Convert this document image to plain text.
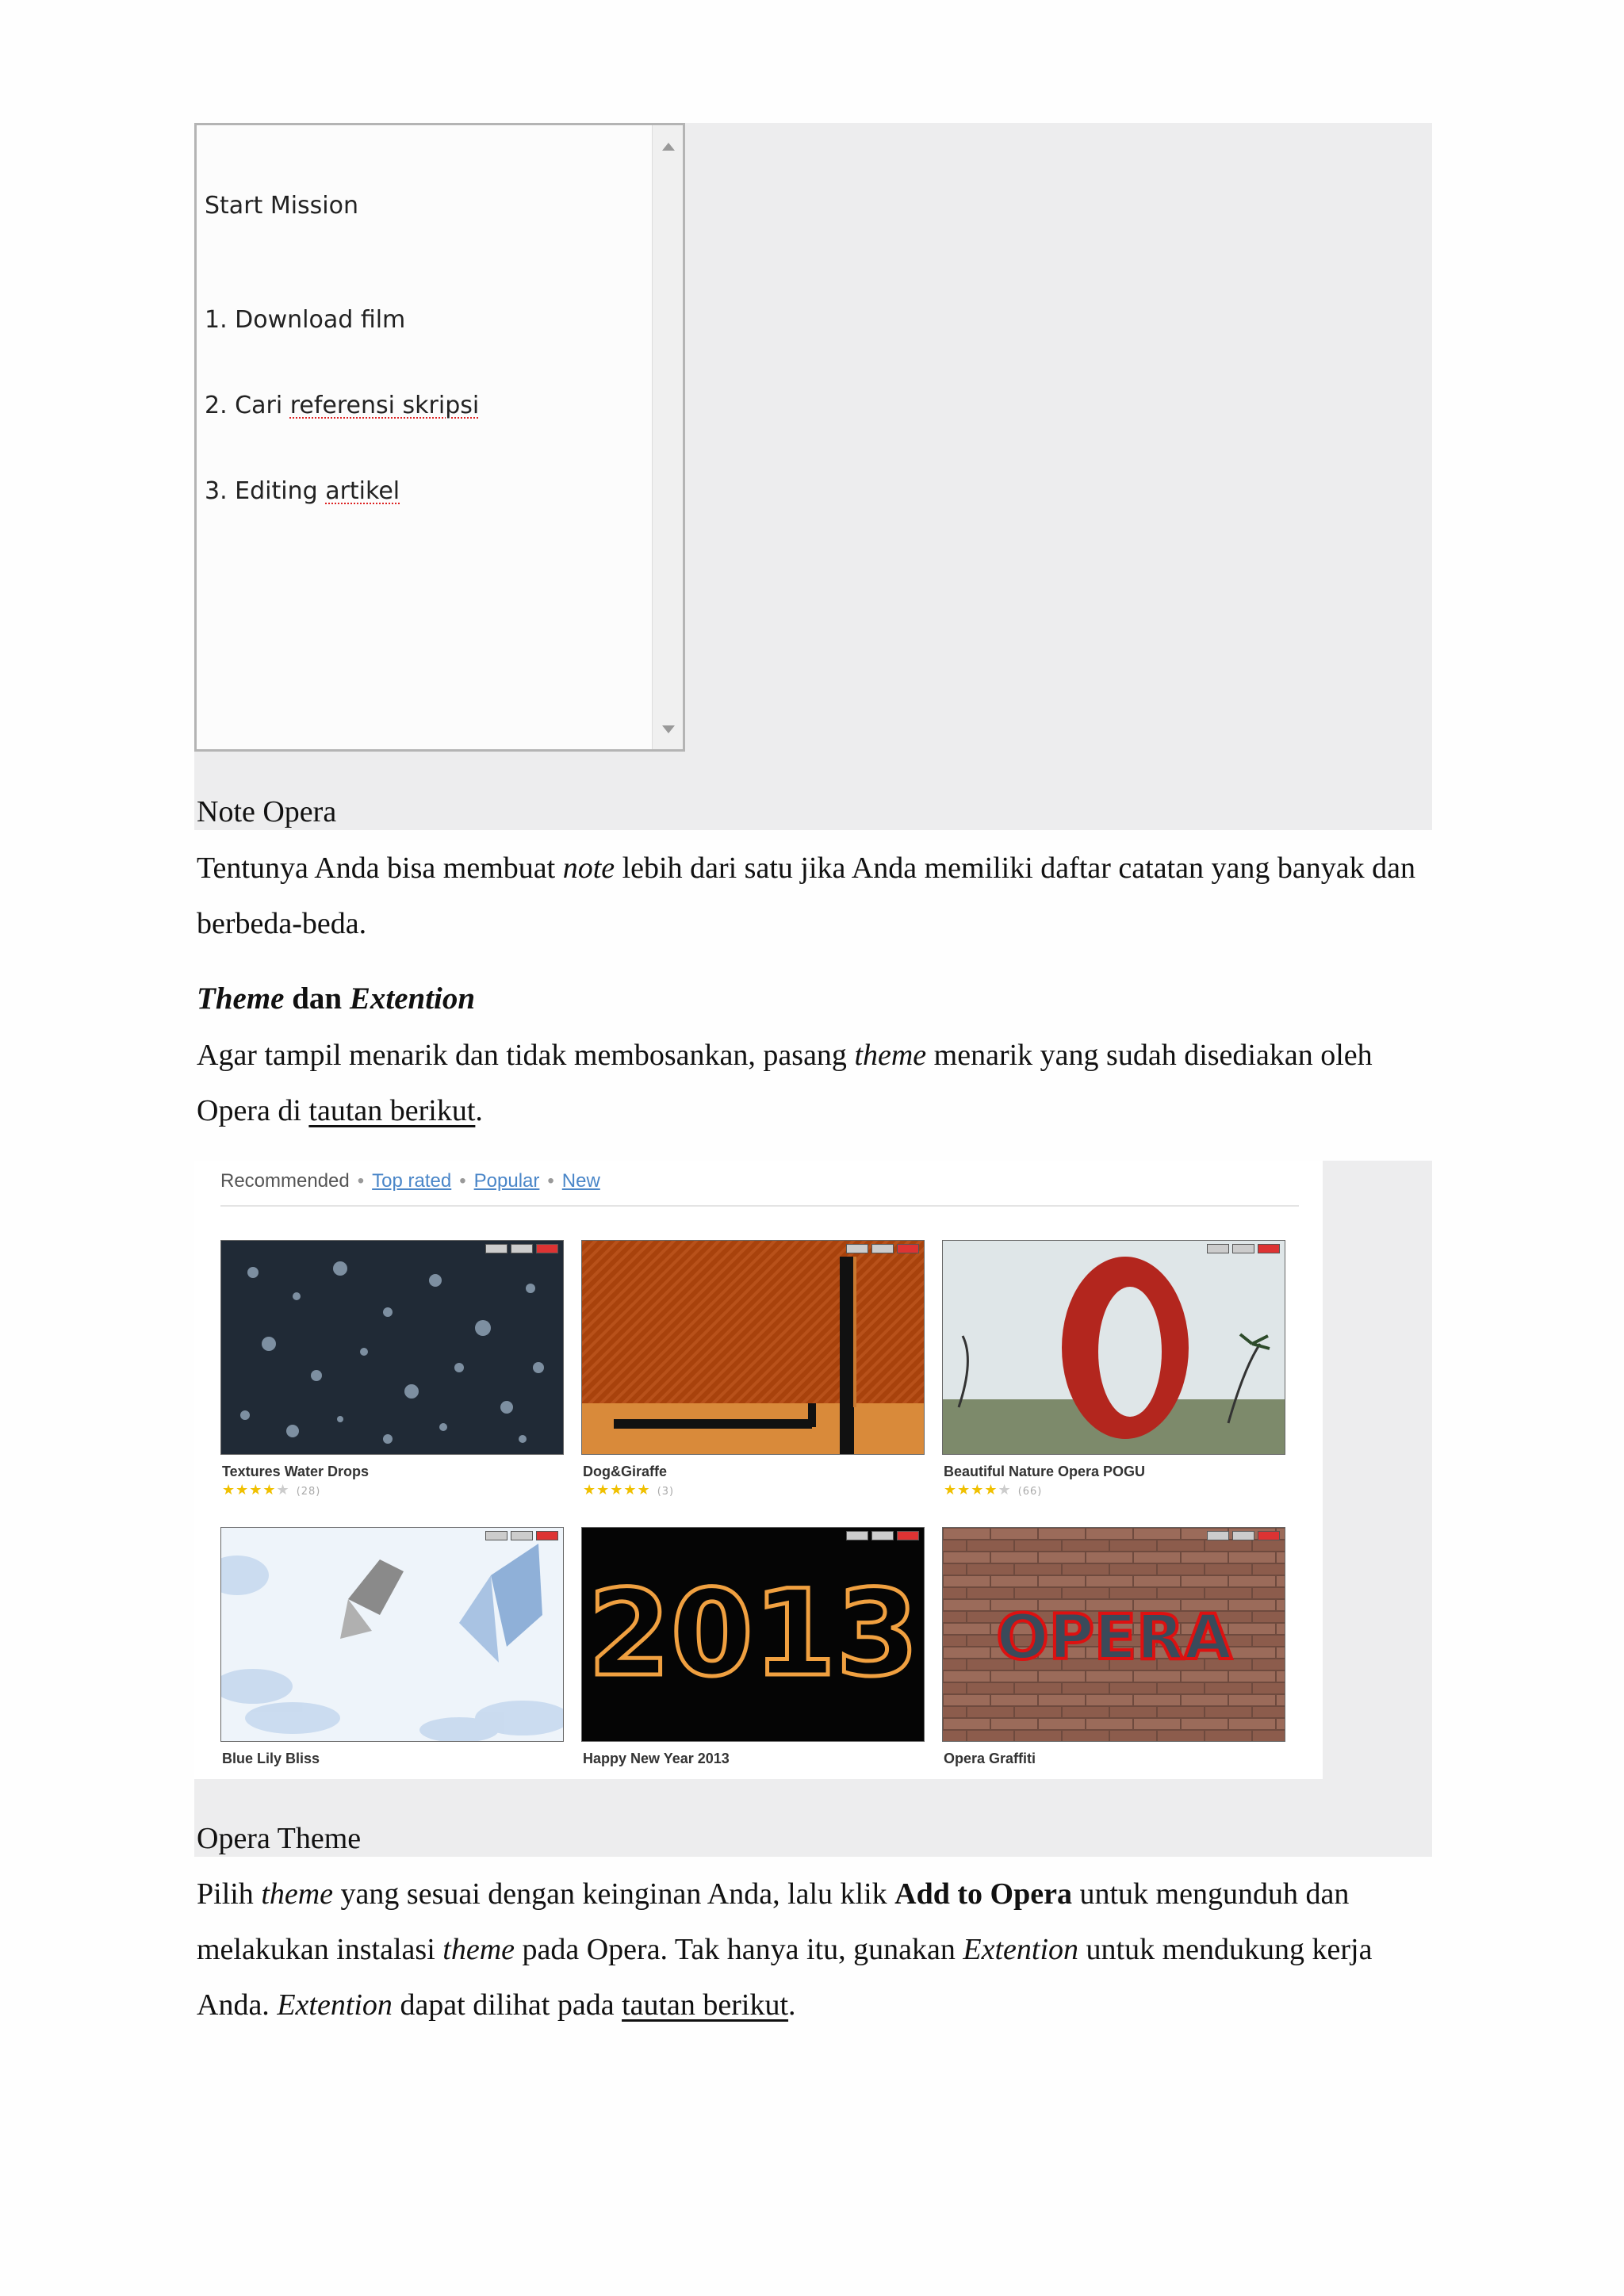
Start Mission

1. Download film

2. Cari referensi skripsi

3. Editing artikel

Note Opera

Tentunya Anda bisa membuat note lebih dari satu jika Anda memiliki daftar catatan yang banyak dan berbeda-beda.

Theme dan Extention

Agar tampil menarik dan tidak membosankan, pasang theme menarik yang sudah disediakan oleh Opera di tautan berikut.

Recommended • Top rated • Popular • New
Textures Water Drops
★★★★★ (28)
Dog&Giraffe
★★★★★ (3)
Beautiful Nature Opera POGU
★★★★★ (66)
Blue Lily Bliss
2013
Happy New Year 2013
OPERA
Opera Graffiti
Opera Theme

Pilih theme yang sesuai dengan keinginan Anda, lalu klik Add to Opera untuk mengunduh dan melakukan instalasi theme pada Opera. Tak hanya itu, gunakan Extention untuk mendukung kerja Anda. Extention dapat dilihat pada tautan berikut.
